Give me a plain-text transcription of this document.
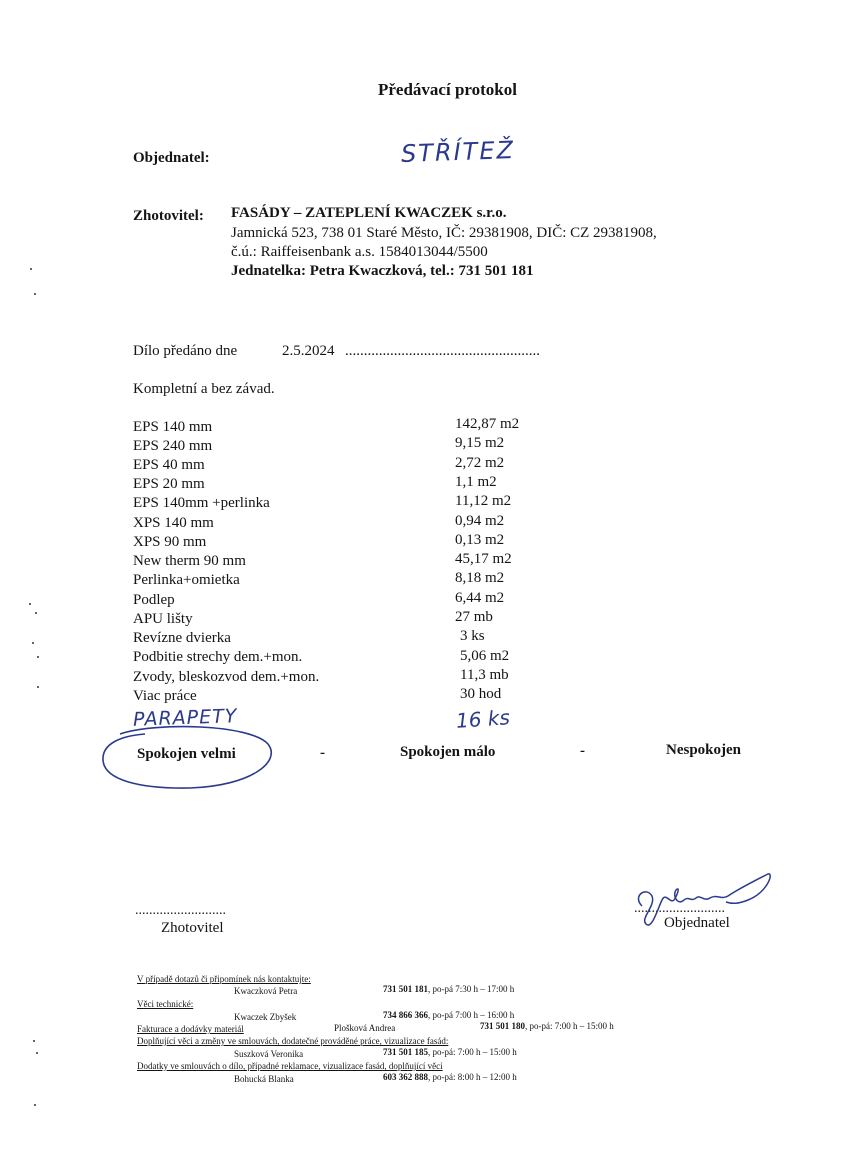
Předávací protokol
Objednatel:	STŘÍTEŽ
Zhotovitel: FASÁDY – ZATEPLENÍ KWACZEK s.r.o.
Jamnická 523, 738 01 Staré Město, IČ: 29381908, DIČ: CZ 29381908,
č.ú.: Raiffeisenbank a.s. 1584013044/5500
Jednatelka: Petra Kwaczková, tel.: 731 501 181
Dílo předáno dne	2.5.2024 ....................................................
Kompletní a bez závad.
EPS 140 mm	142,87 m2
EPS 240 mm	9,15 m2
EPS 40 mm	2,72 m2
EPS 20 mm	1,1 m2
EPS 140mm +perlinka	11,12 m2
XPS 140 mm	0,94 m2
XPS 90 mm	0,13 m2
New therm 90 mm	45,17 m2
Perlinka+omietka	8,18 m2
Podlep	6,44 m2
APU lišty	27 mb
Revízne dvierka	3 ks
Podbitie strechy dem.+mon.	5,06 m2
Zvody, bleskozvod dem.+mon.	11,3 mb
Viac práce	30 hod
PARAPETY	16 ks
Spokojen velmi	-	Spokojen málo	-	Nespokojen
..........................
Zhotovitel
..........................
Objednatel
V případě dotazů či připomínek nás kontaktujte:
Kwaczková Petra	731 501 181, po-pá 7:30 h – 17:00 h
Věci technické:
Kwaczek Zbyšek	734 866 366, po-pá 7:00 h – 16:00 h
Fakturace a dodávky materiál	Plošková Andrea	731 501 180, po-pá: 7:00 h – 15:00 h
Doplňující věci a změny ve smlouvách, dodatečné prováděné práce, vizualizace fasád:
Suszková Veronika	731 501 185, po-pá: 7:00 h – 15:00 h
Dodatky ve smlouvách o dílo, případné reklamace, vizualizace fasád, doplňující věci
Bohucká Blanka	603 362 888, po-pá: 8:00 h – 12:00 h
